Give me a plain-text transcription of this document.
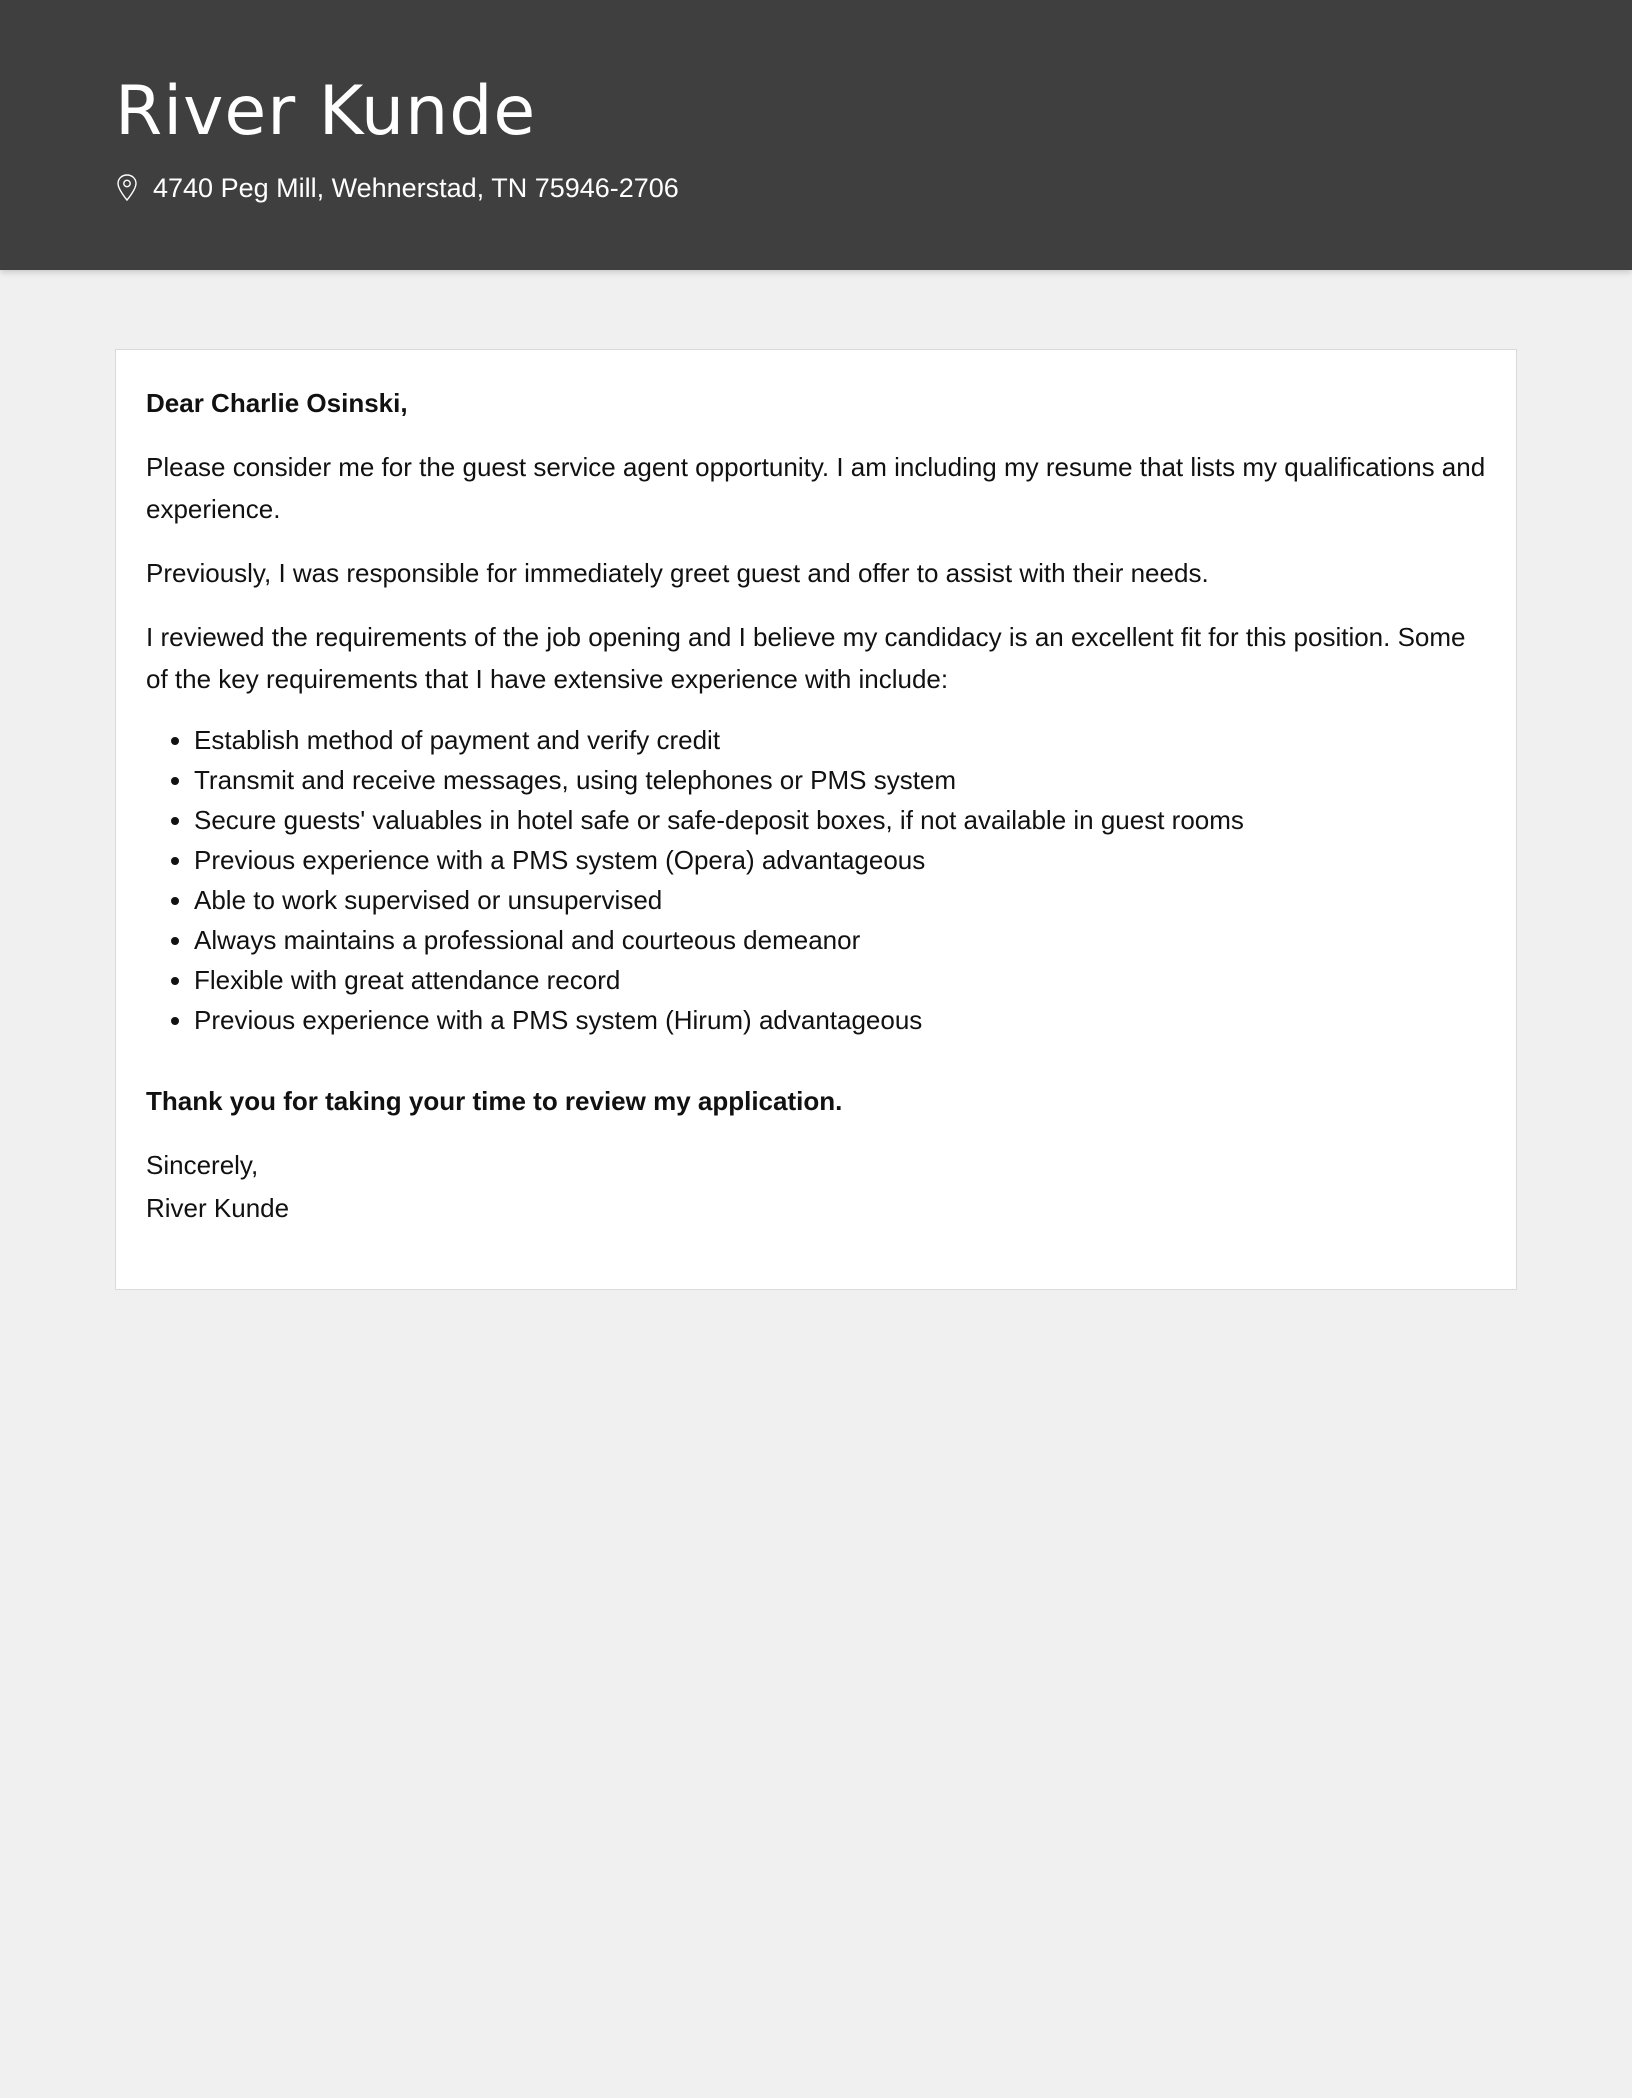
River Kunde
4740 Peg Mill, Wehnerstad, TN 75946-2706

Dear Charlie Osinski,

Please consider me for the guest service agent opportunity. I am including my resume that lists my qualifications and experience.

Previously, I was responsible for immediately greet guest and offer to assist with their needs.

I reviewed the requirements of the job opening and I believe my candidacy is an excellent fit for this position. Some of the key requirements that I have extensive experience with include:

• Establish method of payment and verify credit
• Transmit and receive messages, using telephones or PMS system
• Secure guests' valuables in hotel safe or safe-deposit boxes, if not available in guest rooms
• Previous experience with a PMS system (Opera) advantageous
• Able to work supervised or unsupervised
• Always maintains a professional and courteous demeanor
• Flexible with great attendance record
• Previous experience with a PMS system (Hirum) advantageous

Thank you for taking your time to review my application.

Sincerely,
River Kunde
